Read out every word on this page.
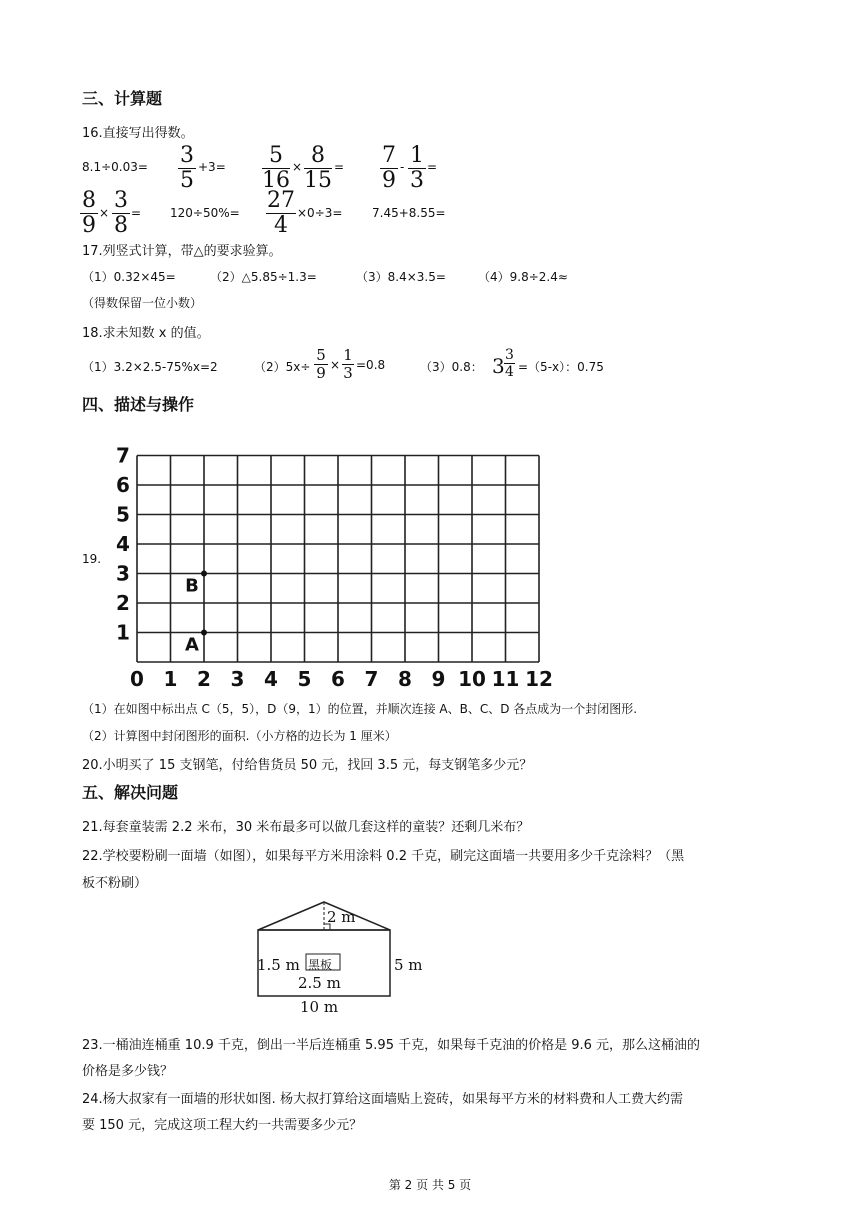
三、计算题
16.直接写出得数。
8.1÷0.03= 3
5
+3=	5
16
× 8
15
= 7
9
- 1
3
=
8
9 × 3
8 = 120÷50%= 27
4 ×0÷3= 7.45+8.55=
17.列竖式计算，带△的要求验算。
（1）0.32×45=	（2）△5.85÷1.3=	（3）8.4×3.5=	（4）9.8÷2.4≈
（得数保留一位小数）
18.求未知数 x 的值。
（1）3.2×2.5-75%x=2	（2）5x÷
5
9 ×
1
3 =0.8	（3）0.8： 3 3
4 =（5-x）：0.75
四、描述与操作
19.
0 1 2 3 4 5 6 7 8 9 10 11 12
1
2
3
4
5
6
7
A
B
（1）在如图中标出点 C（5，5），D（9，1）的位置，并顺次连接 A、B、C、D 各点成为一个封闭图形.
（2）计算图中封闭图形的面积.（小方格的边长为 1 厘米）
20.小明买了 15 支钢笔，付给售货员 50 元，找回 3.5 元，每支钢笔多少元？
五、解决问题
21.每套童装需 2.2 米布，30 米布最多可以做几套这样的童装？还剩几米布？
22.学校要粉刷一面墙（如图），如果每平方米用涂料 0.2 千克，刷完这面墙一共要用多少千克涂料？（黑
板不粉刷）
2 m
1.5 m 黑板	5 m
2.5 m
10 m
23.一桶油连桶重 10.9 千克，倒出一半后连桶重 5.95 千克，如果每千克油的价格是 9.6 元，那么这桶油的
价格是多少钱？
24.杨大叔家有一面墙的形状如图. 杨大叔打算给这面墙贴上瓷砖，如果每平方米的材料费和人工费大约需
要 150 元，完成这项工程大约一共需要多少元？
第 2 页 共 5 页
